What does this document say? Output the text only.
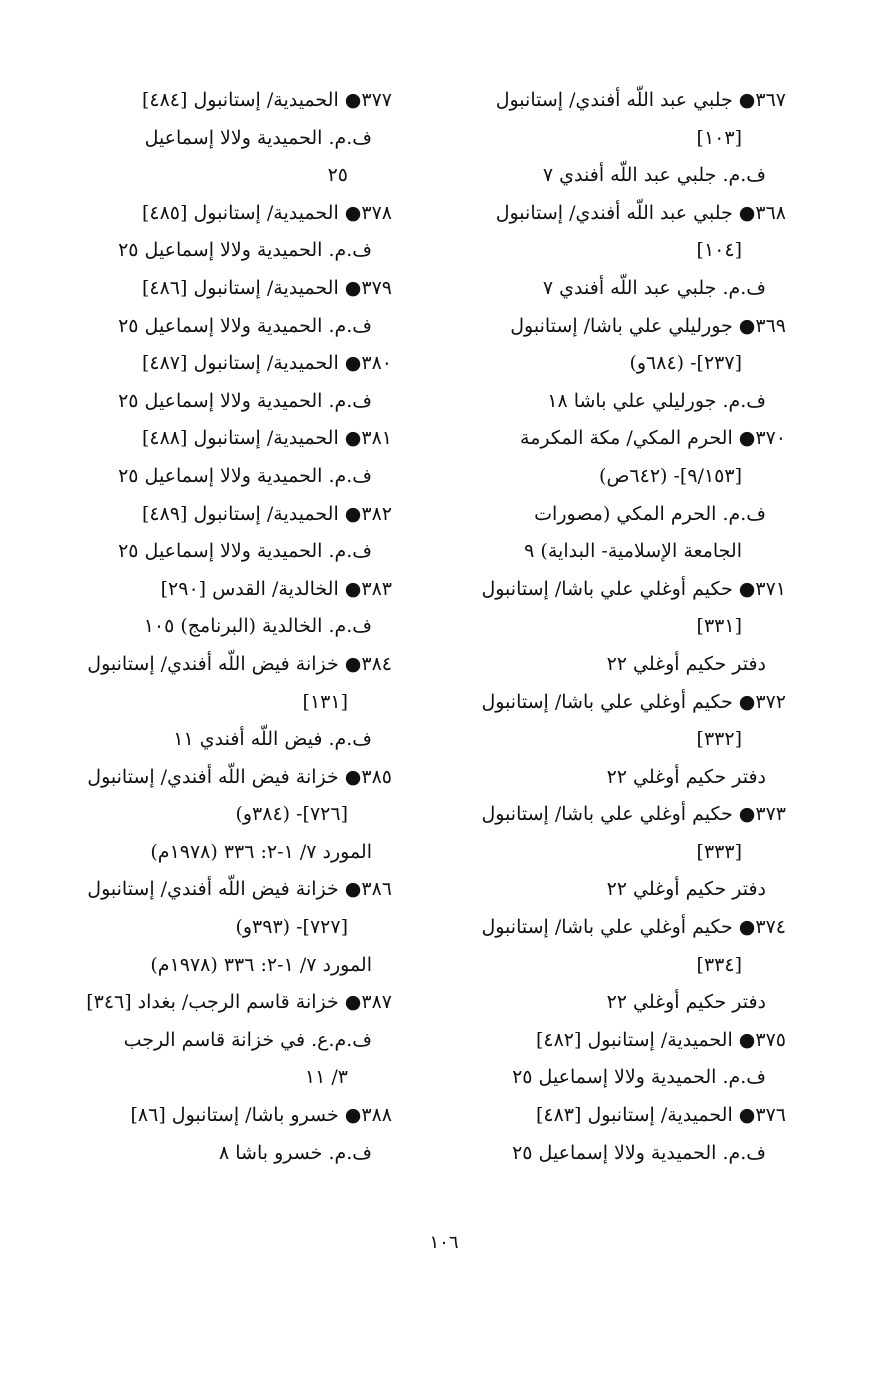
٣٦٧● جلبي عبد اللّه أفندي/ إستانبول
[١٠٣]
ف.م. جلبي عبد اللّه أفندي ٧
٣٦٨● جلبي عبد اللّه أفندي/ إستانبول
[١٠٤]
ف.م. جلبي عبد اللّه أفندي ٧
٣٦٩● جورليلي علي باشا/ إستانبول
[٢٣٧]- (٦٨٤و)
ف.م. جورليلي علي باشا ١٨
٣٧٠● الحرم المكي/ مكة المكرمة
[٩/١٥٣]- (٦٤٢ص)
ف.م. الحرم المكي (مصورات
الجامعة الإسلامية- البداية) ٩
٣٧١● حكيم أوغلي علي باشا/ إستانبول
[٣٣١]
دفتر حكيم أوغلي ٢٢
٣٧٢● حكيم أوغلي علي باشا/ إستانبول
[٣٣٢]
دفتر حكيم أوغلي ٢٢
٣٧٣● حكيم أوغلي علي باشا/ إستانبول
[٣٣٣]
دفتر حكيم أوغلي ٢٢
٣٧٤● حكيم أوغلي علي باشا/ إستانبول
[٣٣٤]
دفتر حكيم أوغلي ٢٢
٣٧٥● الحميدية/ إستانبول [٤٨٢]
ف.م. الحميدية ولالا إسماعيل ٢٥
٣٧٦● الحميدية/ إستانبول [٤٨٣]
ف.م. الحميدية ولالا إسماعيل ٢٥
٣٧٧● الحميدية/ إستانبول [٤٨٤]
ف.م. الحميدية ولالا إسماعيل
٢٥
٣٧٨● الحميدية/ إستانبول [٤٨٥]
ف.م. الحميدية ولالا إسماعيل ٢٥
٣٧٩● الحميدية/ إستانبول [٤٨٦]
ف.م. الحميدية ولالا إسماعيل ٢٥
٣٨٠● الحميدية/ إستانبول [٤٨٧]
ف.م. الحميدية ولالا إسماعيل ٢٥
٣٨١● الحميدية/ إستانبول [٤٨٨]
ف.م. الحميدية ولالا إسماعيل ٢٥
٣٨٢● الحميدية/ إستانبول [٤٨٩]
ف.م. الحميدية ولالا إسماعيل ٢٥
٣٨٣● الخالدية/ القدس [٢٩٠]
ف.م. الخالدية (البرنامج) ١٠٥
٣٨٤● خزانة فيض اللّه أفندي/ إستانبول
[١٣١]
ف.م. فيض اللّه أفندي ١١
٣٨٥● خزانة فيض اللّه أفندي/ إستانبول
[٧٢٦]- (٣٨٤و)
المورد ٧/ ١-٢: ٣٣٦ (١٩٧٨م)
٣٨٦● خزانة فيض اللّه أفندي/ إستانبول
[٧٢٧]- (٣٩٣و)
المورد ٧/ ١-٢: ٣٣٦ (١٩٧٨م)
٣٨٧● خزانة قاسم الرجب/ بغداد [٣٤٦]
ف.م.ع. في خزانة قاسم الرجب
٣/ ١١
٣٨٨● خسرو باشا/ إستانبول [٨٦]
ف.م. خسرو باشا ٨
١٠٦
